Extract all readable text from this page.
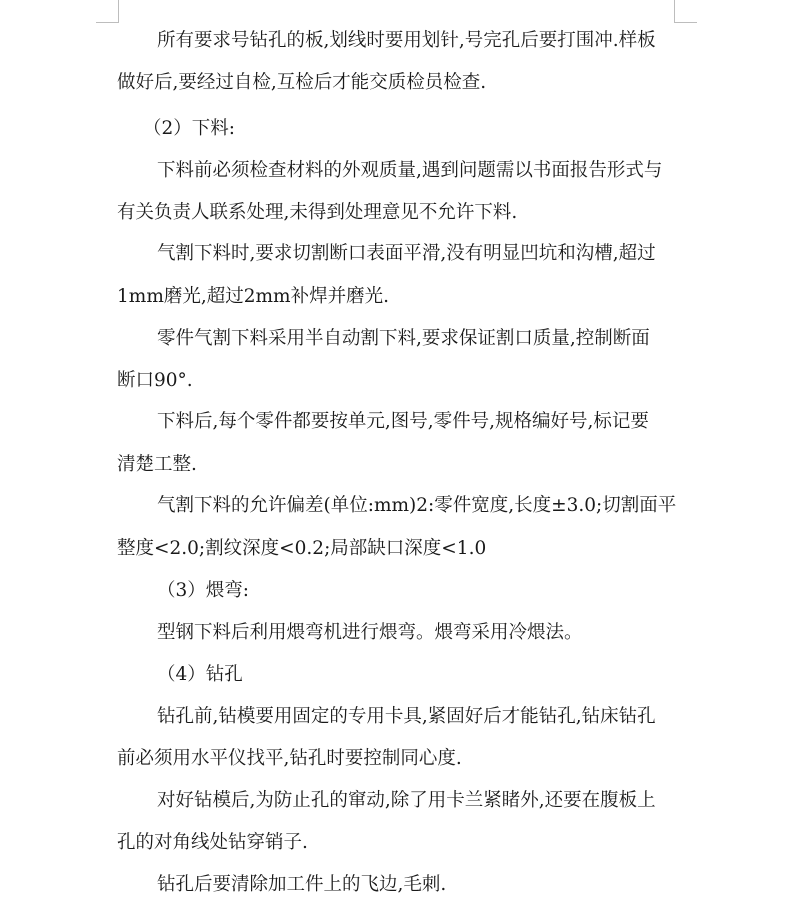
所有要求号钻孔的板,划线时要用划针,号完孔后要打围冲.样板
做好后,要经过自检,互检后才能交质检员检查.
（2）下料:
下料前必须检查材料的外观质量,遇到问题需以书面报告形式与
有关负责人联系处理,未得到处理意见不允许下料.
气割下料时,要求切割断口表面平滑,没有明显凹坑和沟槽,超过
1mm磨光,超过2mm补焊并磨光.
零件气割下料采用半自动割下料,要求保证割口质量,控制断面
断口90°.
下料后,每个零件都要按单元,图号,零件号,规格编好号,标记要
清楚工整.
气割下料的允许偏差(单位:mm)2:零件宽度,长度±3.0;切割面平
整度<2.0;割纹深度<0.2;局部缺口深度<1.0
（3）煨弯:
型钢下料后利用煨弯机进行煨弯。煨弯采用冷煨法。
（4）钻孔
钻孔前,钻模要用固定的专用卡具,紧固好后才能钻孔,钻床钻孔
前必须用水平仪找平,钻孔时要控制同心度.
对好钻模后,为防止孔的窜动,除了用卡兰紧睹外,还要在腹板上
孔的对角线处钻穿销子.
钻孔后要清除加工件上的飞边,毛刺.
